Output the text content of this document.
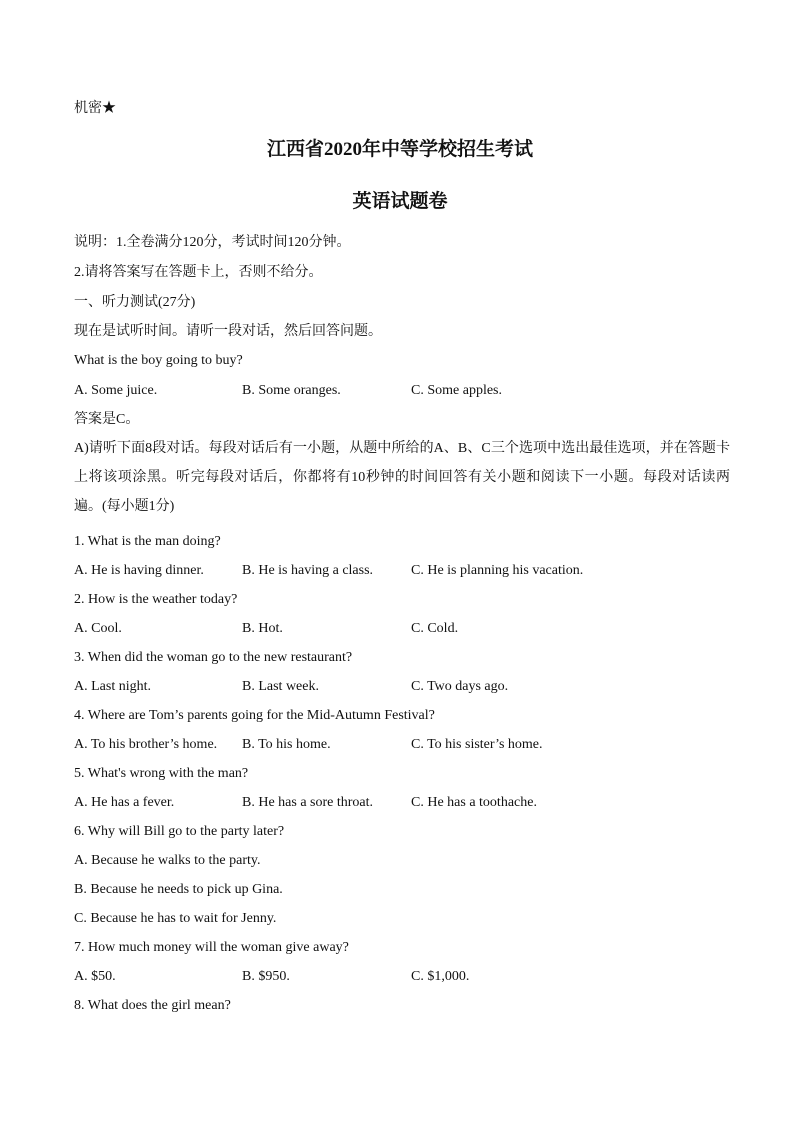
机密★
江西省2020年中等学校招生考试
英语试题卷
说明：1.全卷满分120分，考试时间120分钟。
2.请将答案写在答题卡上，否则不给分。
一、听力测试(27分)
现在是试听时间。请听一段对话，然后回答问题。
What is the boy going to buy?
A. Some juice.	B. Some oranges.	C. Some apples.
答案是C。
A)请听下面8段对话。每段对话后有一小题，从题中所给的A、B、C三个选项中选出最佳选项，并在答题卡上将该项涂黑。听完每段对话后，你都将有10秒钟的时间回答有关小题和阅读下一小题。每段对话读两遍。(每小题1分)
1. What is the man doing?
A. He is having dinner.	B. He is having a class.	C. He is planning his vacation.
2. How is the weather today?
A. Cool.	B. Hot.	C. Cold.
3. When did the woman go to the new restaurant?
A. Last night.	B. Last week.	C. Two days ago.
4. Where are Tom’s parents going for the Mid-Autumn Festival?
A. To his brother’s home. B. To his home.	C. To his sister’s home.
5. What's wrong with the man?
A. He has a fever.	B. He has a sore throat.	C. He has a toothache.
6. Why will Bill go to the party later?
A. Because he walks to the party.
B. Because he needs to pick up Gina.
C. Because he has to wait for Jenny.
7. How much money will the woman give away?
A. $50.	B. $950.	C. $1,000.
8. What does the girl mean?
